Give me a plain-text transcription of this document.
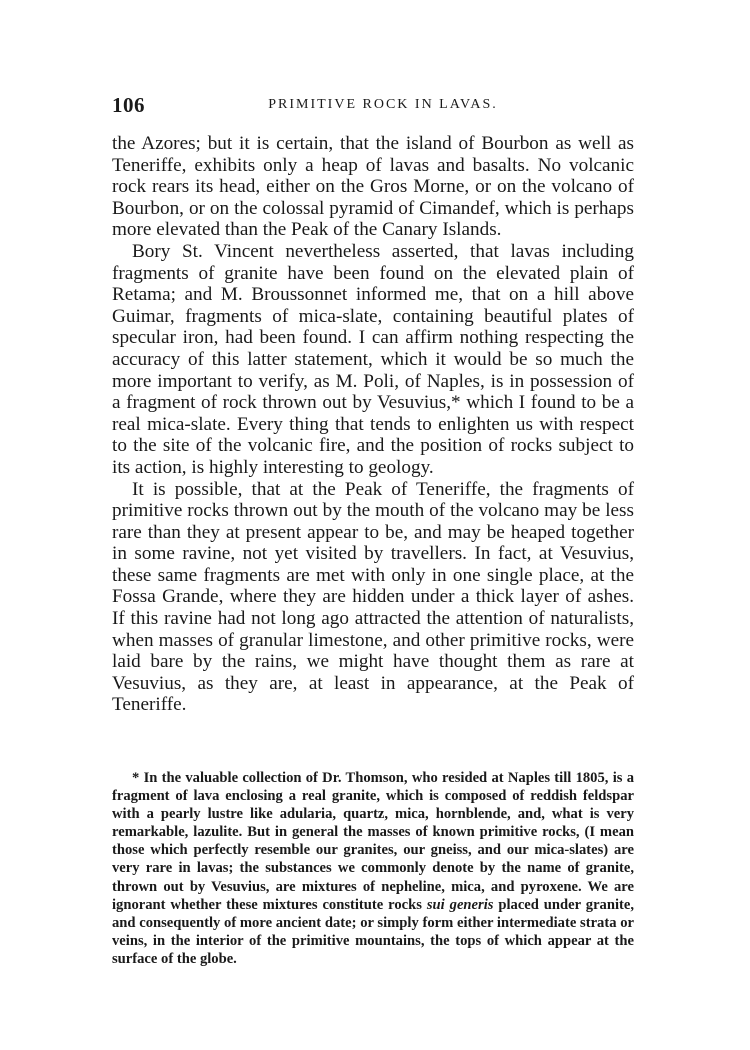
106	PRIMITIVE ROCK IN LAVAS.

the Azores; but it is certain, that the island of Bourbon as well as Teneriffe, exhibits only a heap of lavas and basalts. No volcanic rock rears its head, either on the Gros Morne, or on the volcano of Bourbon, or on the colossal pyramid of Cimandef, which is perhaps more elevated than the Peak of the Canary Islands.

Bory St. Vincent nevertheless asserted, that lavas including fragments of granite have been found on the elevated plain of Retama; and M. Broussonnet informed me, that on a hill above Guimar, fragments of mica-slate, containing beautiful plates of specular iron, had been found. I can affirm nothing respecting the accuracy of this latter statement, which it would be so much the more important to verify, as M. Poli, of Naples, is in possession of a fragment of rock thrown out by Vesuvius,* which I found to be a real mica-slate. Every thing that tends to enlighten us with respect to the site of the volcanic fire, and the position of rocks subject to its action, is highly interesting to geology.

It is possible, that at the Peak of Teneriffe, the fragments of primitive rocks thrown out by the mouth of the volcano may be less rare than they at present appear to be, and may be heaped together in some ravine, not yet visited by travellers. In fact, at Vesuvius, these same fragments are met with only in one single place, at the Fossa Grande, where they are hidden under a thick layer of ashes. If this ravine had not long ago attracted the attention of naturalists, when masses of granular limestone, and other primitive rocks, were laid bare by the rains, we might have thought them as rare at Vesuvius, as they are, at least in appearance, at the Peak of Teneriffe.

* In the valuable collection of Dr. Thomson, who resided at Naples till 1805, is a fragment of lava enclosing a real granite, which is composed of reddish feldspar with a pearly lustre like adularia, quartz, mica, hornblende, and, what is very remarkable, lazulite. But in general the masses of known primitive rocks, (I mean those which perfectly resemble our granites, our gneiss, and our mica-slates) are very rare in lavas; the substances we commonly denote by the name of granite, thrown out by Vesuvius, are mixtures of nepheline, mica, and pyroxene. We are ignorant whether these mixtures constitute rocks sui generis placed under granite, and consequently of more ancient date; or simply form either intermediate strata or veins, in the interior of the primitive mountains, the tops of which appear at the surface of the globe.
